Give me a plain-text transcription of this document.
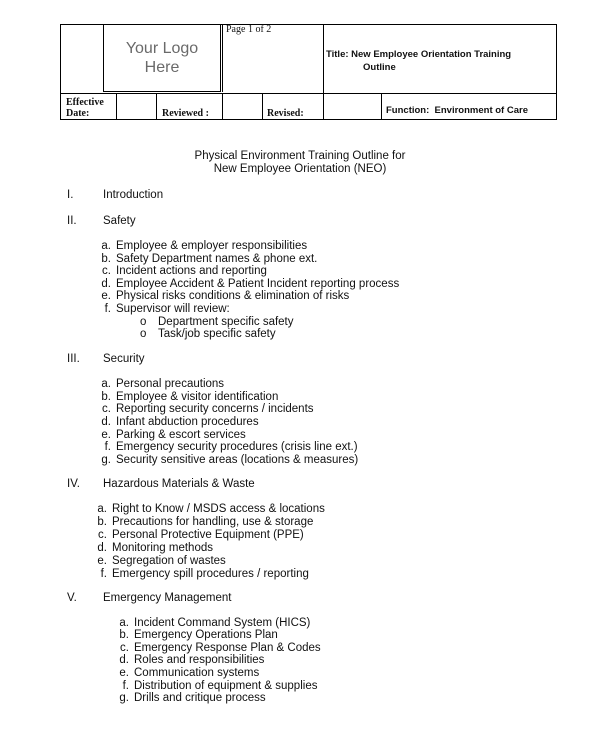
Your Logo
Here
Page 1 of 2
Title: New Employee Orientation Training
Outline
Effective
Date:	Reviewed :	Revised:	Function:  Environment of Care
Physical Environment Training Outline for
New Employee Orientation (NEO)
I.	Introduction
II. Safety
a. Employee & employer responsibilities
b. Safety Department names & phone ext.
c. Incident actions and reporting
d. Employee Accident & Patient Incident reporting process
e. Physical risks conditions & elimination of risks
f. Supervisor will review:
o Department specific safety
o Task/job specific safety
III. Security
a. Personal precautions
b. Employee & visitor identification
c. Reporting security concerns / incidents
d. Infant abduction procedures
e. Parking & escort services
f. Emergency security procedures (crisis line ext.)
g. Security sensitive areas (locations & measures)
IV. Hazardous Materials & Waste
a. Right to Know / MSDS access & locations
b. Precautions for handling, use & storage
c. Personal Protective Equipment (PPE)
d. Monitoring methods
e. Segregation of wastes
f. Emergency spill procedures / reporting
V. Emergency Management
a. Incident Command System (HICS)
b. Emergency Operations Plan
c. Emergency Response Plan & Codes
d. Roles and responsibilities
e. Communication systems
f. Distribution of equipment & supplies
g. Drills and critique process
